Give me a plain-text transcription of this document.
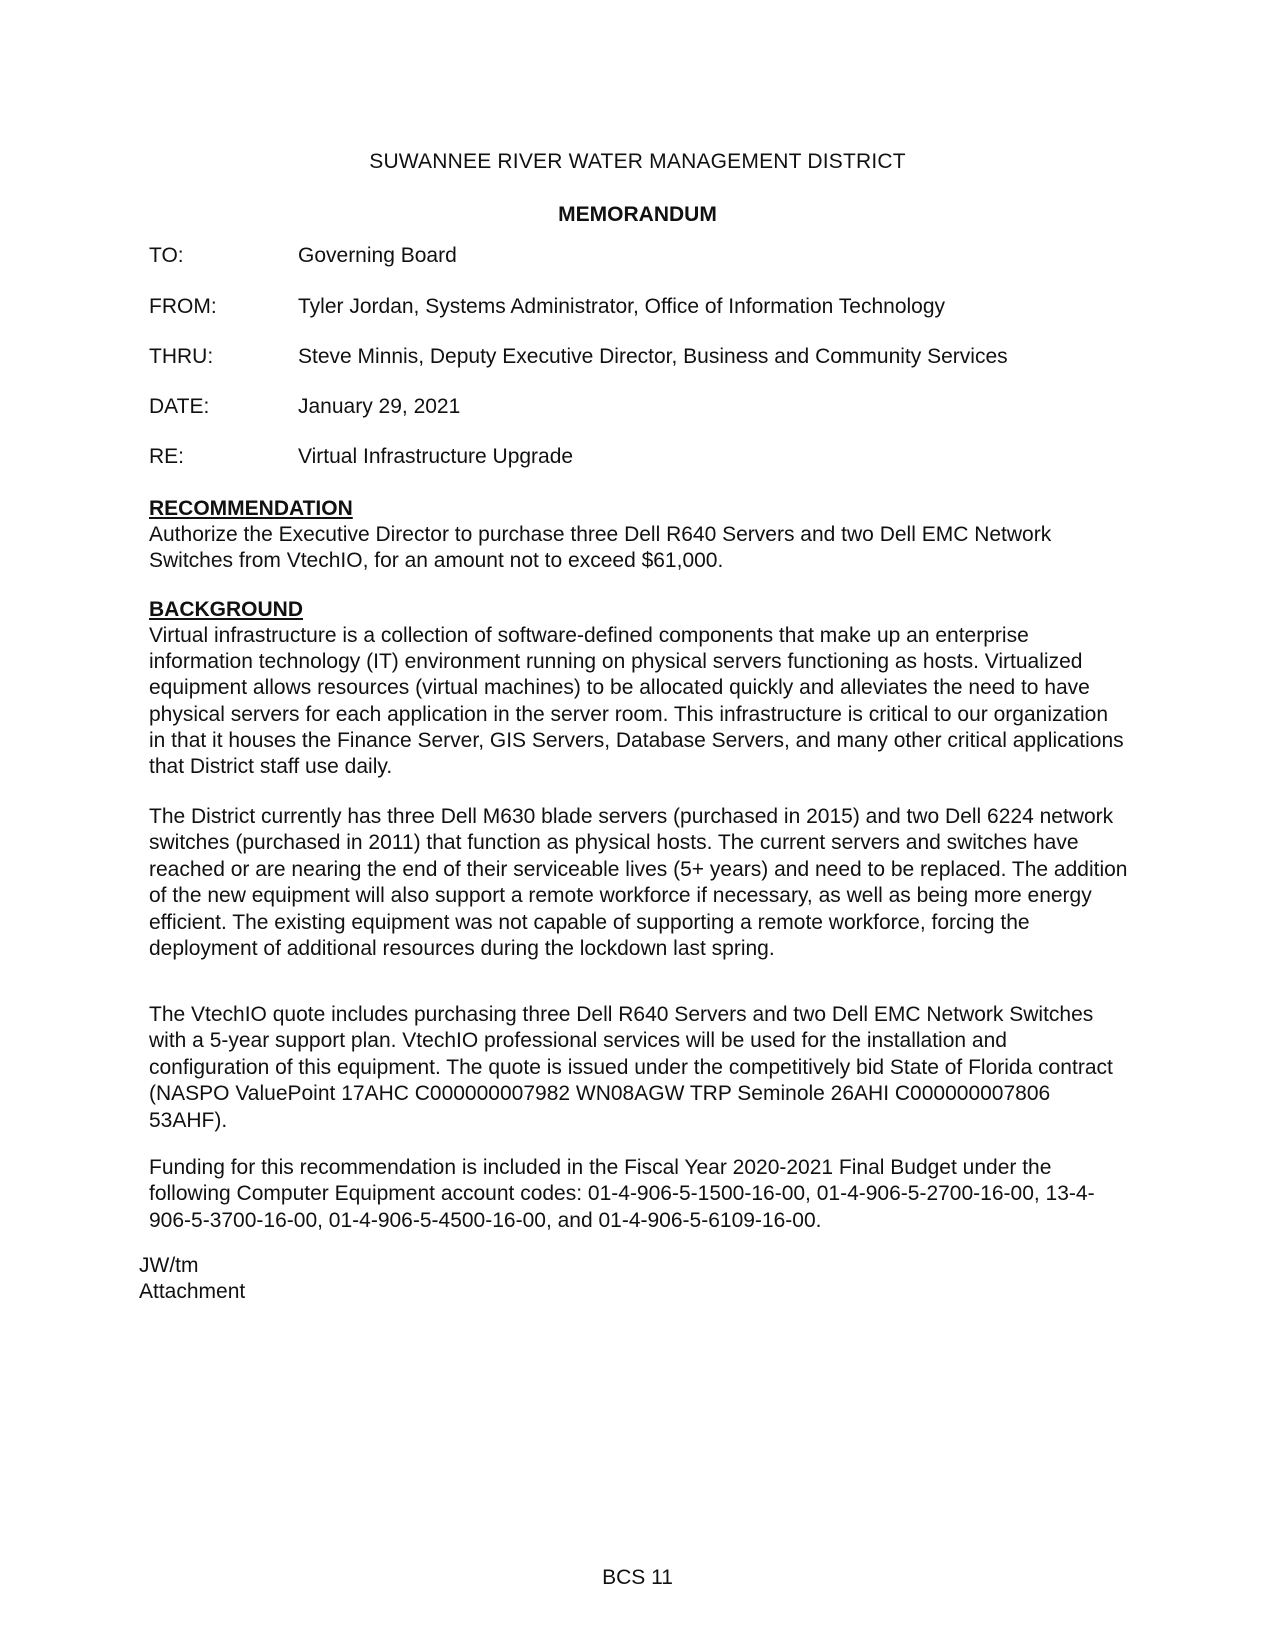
SUWANNEE RIVER WATER MANAGEMENT DISTRICT
MEMORANDUM
TO:	Governing Board
FROM:	Tyler Jordan, Systems Administrator, Office of Information Technology
THRU:	Steve Minnis, Deputy Executive Director, Business and Community Services
DATE:	January 29, 2021
RE:	Virtual Infrastructure Upgrade
RECOMMENDATION

Authorize the Executive Director to purchase three Dell R640 Servers and two Dell EMC Network Switches from VtechIO, for an amount not to exceed $61,000.

BACKGROUND

Virtual infrastructure is a collection of software-defined components that make up an enterprise information technology (IT) environment running on physical servers functioning as hosts. Virtualized equipment allows resources (virtual machines) to be allocated quickly and alleviates the need to have physical servers for each application in the server room. This infrastructure is critical to our organization in that it houses the Finance Server, GIS Servers, Database Servers, and many other critical applications that District staff use daily.

The District currently has three Dell M630 blade servers (purchased in 2015) and two Dell 6224 network switches (purchased in 2011) that function as physical hosts. The current servers and switches have reached or are nearing the end of their serviceable lives (5+ years) and need to be replaced. The addition of the new equipment will also support a remote workforce if necessary, as well as being more energy efficient. The existing equipment was not capable of supporting a remote workforce, forcing the deployment of additional resources during the lockdown last spring.

The VtechIO quote includes purchasing three Dell R640 Servers and two Dell EMC Network Switches with a 5-year support plan. VtechIO professional services will be used for the installation and configuration of this equipment. The quote is issued under the competitively bid State of Florida contract (NASPO ValuePoint 17AHC C000000007982 WN08AGW TRP Seminole 26AHI C000000007806 53AHF).

Funding for this recommendation is included in the Fiscal Year 2020-2021 Final Budget under the following Computer Equipment account codes: 01-4-906-5-1500-16-00, 01-4-906-5-2700-16-00, 13-4-906-5-3700-16-00, 01-4-906-5-4500-16-00, and 01-4-906-5-6109-16-00.

JW/tm
Attachment
BCS 11
